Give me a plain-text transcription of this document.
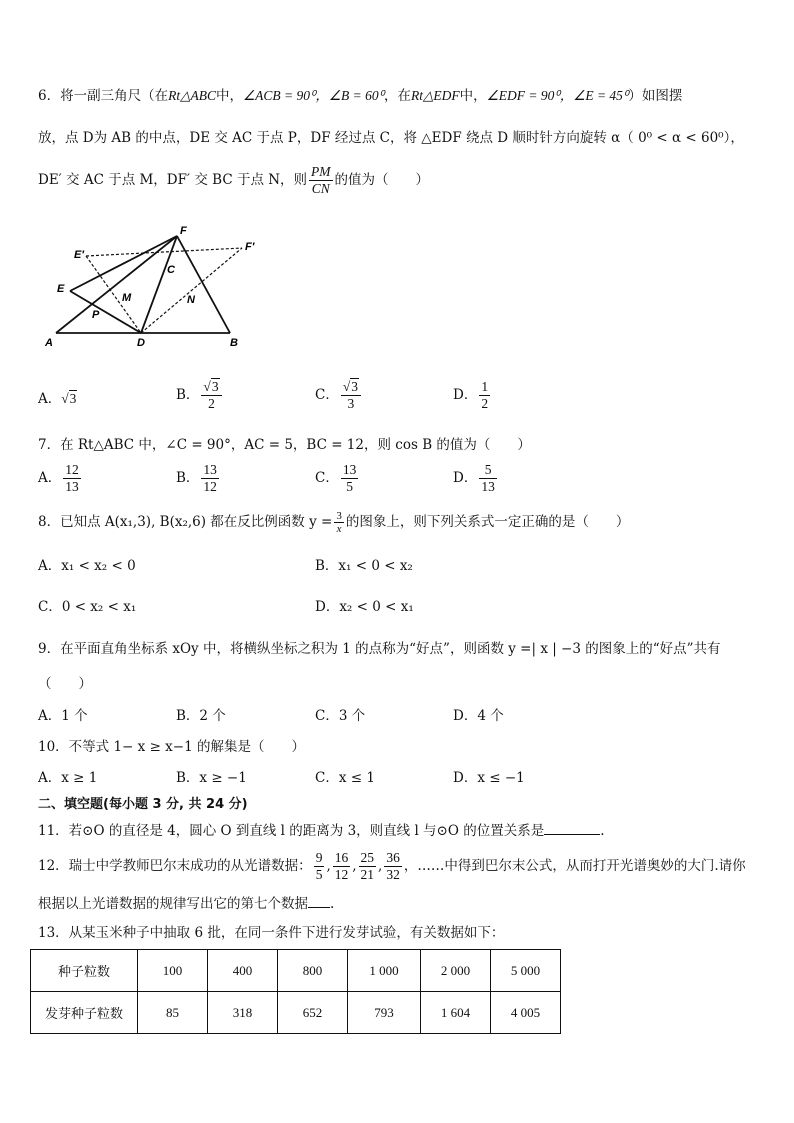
6．将一副三角尺（在Rt△ABC中，∠ACB = 90⁰，∠B = 60⁰，在Rt△EDF中，∠EDF = 90⁰，∠E = 45⁰）如图摆
放，点 D为 AB 的中点，DE 交 AC 于点 P，DF 经过点 C，将 △EDF 绕点 D 顺时针方向旋转 α（ 0⁰ < α < 60⁰），
DE′ 交 AC 于点 M，DF′ 交 BC 于点 N，则 $\frac{PM}{CN}$ 的值为（　　）
F
E′
F′
C
E
M	N
P
A	D	B
A．√3	B． $\frac{√3}{2}$	C． $\frac{√3}{3}$	D． $\frac{1}{2}$
7．在 Rt△ABC 中，∠C = 90°，AC = 5，BC = 12，则 cos B 的值为（　　）
A． $\frac{12}{13}$	B． $\frac{13}{12}$	C． $\frac{13}{5}$	D． $\frac{5}{13}$
8．已知点 A(x₁,3), B(x₂,6) 都在反比例函数 $y = \frac{3}{x}$ 的图象上，则下列关系式一定正确的是（　　）
A．x₁ < x₂ < 0	B．x₁ < 0 < x₂
C．0 < x₂ < x₁	D．x₂ < 0 < x₁
9．在平面直角坐标系 xOy 中，将横纵坐标之积为 1 的点称为“好点”，则函数 y =| x | −3 的图象上的“好点”共有
（　　）
A．1 个	B．2 个	C．3 个	D．4 个
10．不等式 1− x ≥ x−1 的解集是（　　）
A．x ≥ 1	B．x ≥ −1	C．x ≤ 1	D．x ≤ −1
二、填空题(每小题 3 分, 共 24 分)
11．若⊙O 的直径是 4，圆心 O 到直线 l 的距离为 3，则直线 l 与⊙O 的位置关系是	.
12．瑞士中学教师巴尔末成功的从光谱数据： $\frac{9}{5}$ , $\frac{16}{12}$ , $\frac{25}{21}$ , $\frac{36}{32}$ ，……中得到巴尔末公式，从而打开光谱奥妙的大门.请你
根据以上光谱数据的规律写出它的第七个数据 .
13．从某玉米种子中抽取 6 批，在同一条件下进行发芽试验，有关数据如下：
种子粒数	100	400	800	1 000	2 000	5 000
发芽种子粒数	85	318	652	793	1 604	4 005
